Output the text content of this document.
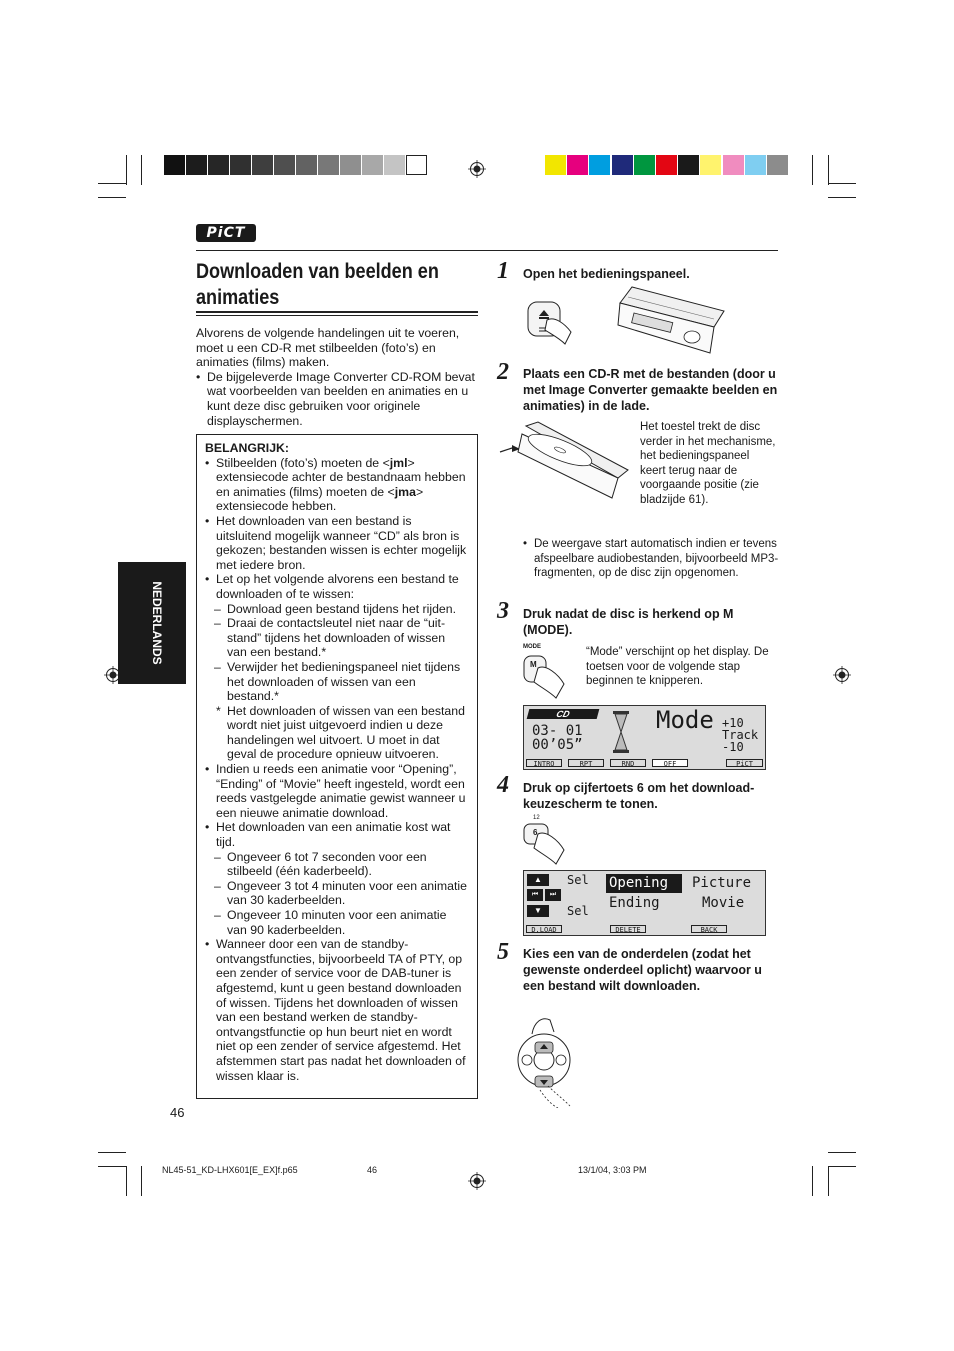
PiCT
Downloaden van beelden en
animaties
Alvorens de volgende handelingen uit te voeren, moet u een CD-R met stilbeelden (foto’s) en animaties (films) maken.
• De bijgeleverde Image Converter CD-ROM bevat wat voorbeelden van beelden en animaties en u kunt deze disc gebruiken voor originele displayschermen.
BELANGRIJK:
• Stilbeelden (foto’s) moeten de <jml> extensiecode achter de bestandnaam hebben en animaties (films) moeten de <jma> extensiecode hebben.
• Het downloaden van een bestand is uitsluitend mogelijk wanneer “CD” als bron is gekozen; bestanden wissen is echter mogelijk met iedere bron.
• Let op het volgende alvorens een bestand te downloaden of te wissen:
– Download geen bestand tijdens het rijden.
– Draai de contactsleutel niet naar de “uit-stand” tijdens het downloaden of wissen van een bestand.*
– Verwijder het bedieningspaneel niet tijdens het downloaden of wissen van een bestand.*
* Het downloaden of wissen van een bestand wordt niet juist uitgevoerd indien u deze handelingen wel uitvoert. U moet in dat geval de procedure opnieuw uitvoeren.
• Indien u reeds een animatie voor “Opening”, “Ending” of “Movie” heeft ingesteld, wordt een reeds vastgelegde animatie gewist wanneer u een nieuwe animatie download.
• Het downloaden van een animatie kost wat tijd.
– Ongeveer 6 tot 7 seconden voor een stilbeeld (één kaderbeeld).
– Ongeveer 3 tot 4 minuten voor een animatie van 30 kaderbeelden.
– Ongeveer 10 minuten voor een animatie van 90 kaderbeelden.
• Wanneer door een van de standby-ontvangstfuncties, bijvoorbeeld TA of PTY, op een zender of service voor de DAB-tuner is afgestemd, kunt u geen bestand downloaden of wissen. Tijdens het downloaden of wissen van een bestand werken de standby-ontvangstfunctie op hun beurt niet en wordt niet op een zender of service afgestemd. Het afstemmen start pas nadat het downloaden of wissen klaar is.
NEDERLANDS
46
1 Open het bedieningspaneel.
2 Plaats een CD-R met de bestanden (door u met Image Converter gemaakte beelden en animaties) in de lade.
Het toestel trekt de disc verder in het mechanisme, het bedieningspaneel keert terug naar de voorgaande positie (zie bladzijde 61).
• De weergave start automatisch indien er tevens afspeelbare audiobestanden, bijvoorbeeld MP3-fragmenten, op de disc zijn opgenomen.
3 Druk nadat de disc is herkend op M (MODE).
MODE
M
“Mode” verschijnt op het display. De toetsen voor de volgende stap beginnen te knipperen.
CD
03- 01
00’05”
Mode +10
Track
-10
INTRO	RPT	RND	OFF	PiCT
4 Druk op cijfertoets 6 om het download-keuzescherm te tonen.
12
6
▲	Sel
⏮	⏭
▼	Sel
Opening Picture
Ending	Movie
D.LOAD	DELETE	BACK
5 Kies een van de onderdelen (zodat het gewenste onderdeel oplicht) waarvoor u een bestand wilt downloaden.
NL45-51_KD-LHX601[E_EX]f.p65	46	13/1/04, 3:03 PM
